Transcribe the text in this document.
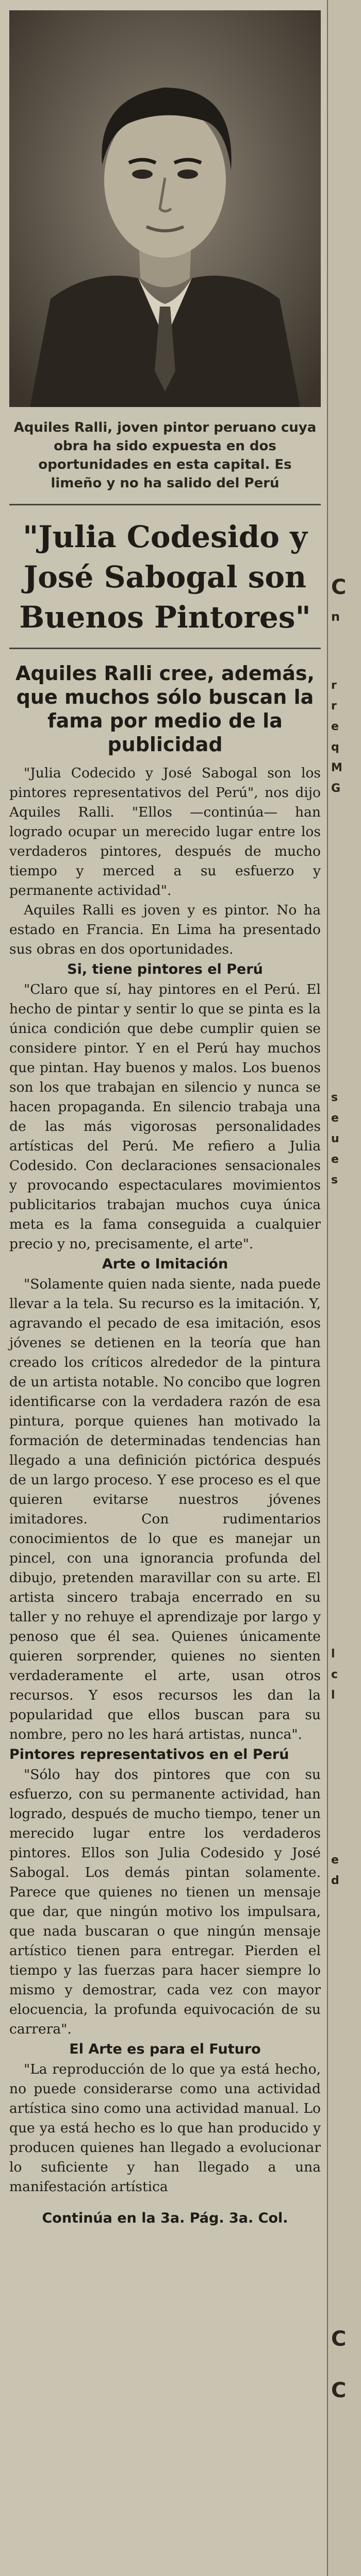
Aquiles Ralli, joven pintor peruano cuya obra ha sido expuesta en dos oportunidades en esta capital. Es limeño y no ha salido del Perú
"Julia Codesido y José Sabogal son Buenos Pintores"
Aquiles Ralli cree, además, que muchos sólo buscan la fama por medio de la publicidad

"Julia Codecido y José Sabogal son los pintores representativos del Perú", nos dijo Aquiles Ralli. "Ellos —continúa— han logrado ocupar un merecido lugar entre los verdaderos pintores, después de mucho tiempo y merced a su esfuerzo y permanente actividad".

Aquiles Ralli es joven y es pintor. No ha estado en Francia. En Lima ha presentado sus obras en dos oportunidades.

Si, tiene pintores el Perú

"Claro que sí, hay pintores en el Perú. El hecho de pintar y sentir lo que se pinta es la única condición que debe cumplir quien se considere pintor. Y en el Perú hay muchos que pintan. Hay buenos y malos. Los buenos son los que trabajan en silencio y nunca se hacen propaganda. En silencio trabaja una de las más vigorosas personalidades artísticas del Perú. Me refiero a Julia Codesido. Con declaraciones sensacionales y provocando espectaculares movimientos publicitarios trabajan muchos cuya única meta es la fama conseguida a cualquier precio y no, precisamente, el arte".

Arte o Imitación

"Solamente quien nada siente, nada puede llevar a la tela. Su recurso es la imitación. Y, agravando el pecado de esa imitación, esos jóvenes se detienen en la teoría que han creado los críticos alrededor de la pintura de un artista notable. No concibo que logren identificarse con la verdadera razón de esa pintura, porque quienes han motivado la formación de determinadas tendencias han llegado a una definición pictórica después de un largo proceso. Y ese proceso es el que quieren evitarse nuestros jóvenes imitadores. Con rudimentarios conocimientos de lo que es manejar un pincel, con una ignorancia profunda del dibujo, pretenden maravillar con su arte. El artista sincero trabaja encerrado en su taller y no rehuye el aprendizaje por largo y penoso que él sea. Quienes únicamente quieren sorprender, quienes no sienten verdaderamente el arte, usan otros recursos. Y esos recursos les dan la popularidad que ellos buscan para su nombre, pero no les hará artistas, nunca".

Pintores representativos en el Perú

"Sólo hay dos pintores que con su esfuerzo, con su permanente actividad, han logrado, después de mucho tiempo, tener un merecido lugar entre los verdaderos pintores. Ellos son Julia Codesido y José Sabogal. Los demás pintan solamente. Parece que quienes no tienen un mensaje que dar, que ningún motivo los impulsara, que nada buscaran o que ningún mensaje artístico tienen para entregar. Pierden el tiempo y las fuerzas para hacer siempre lo mismo y demostrar, cada vez con mayor elocuencia, la profunda equivocación de su carrera".

El Arte es para el Futuro

"La reproducción de lo que ya está hecho, no puede considerarse como una actividad artística sino como una actividad manual. Lo que ya está hecho es lo que han producido y producen quienes han llegado a evolucionar lo suficiente y han llegado a una manifestación artística

Continúa en la 3a. Pág. 3a. Col.
C
n
r
r
e
q
M
G
s
e
u
e
s
l
c
l
e
d
C
C
